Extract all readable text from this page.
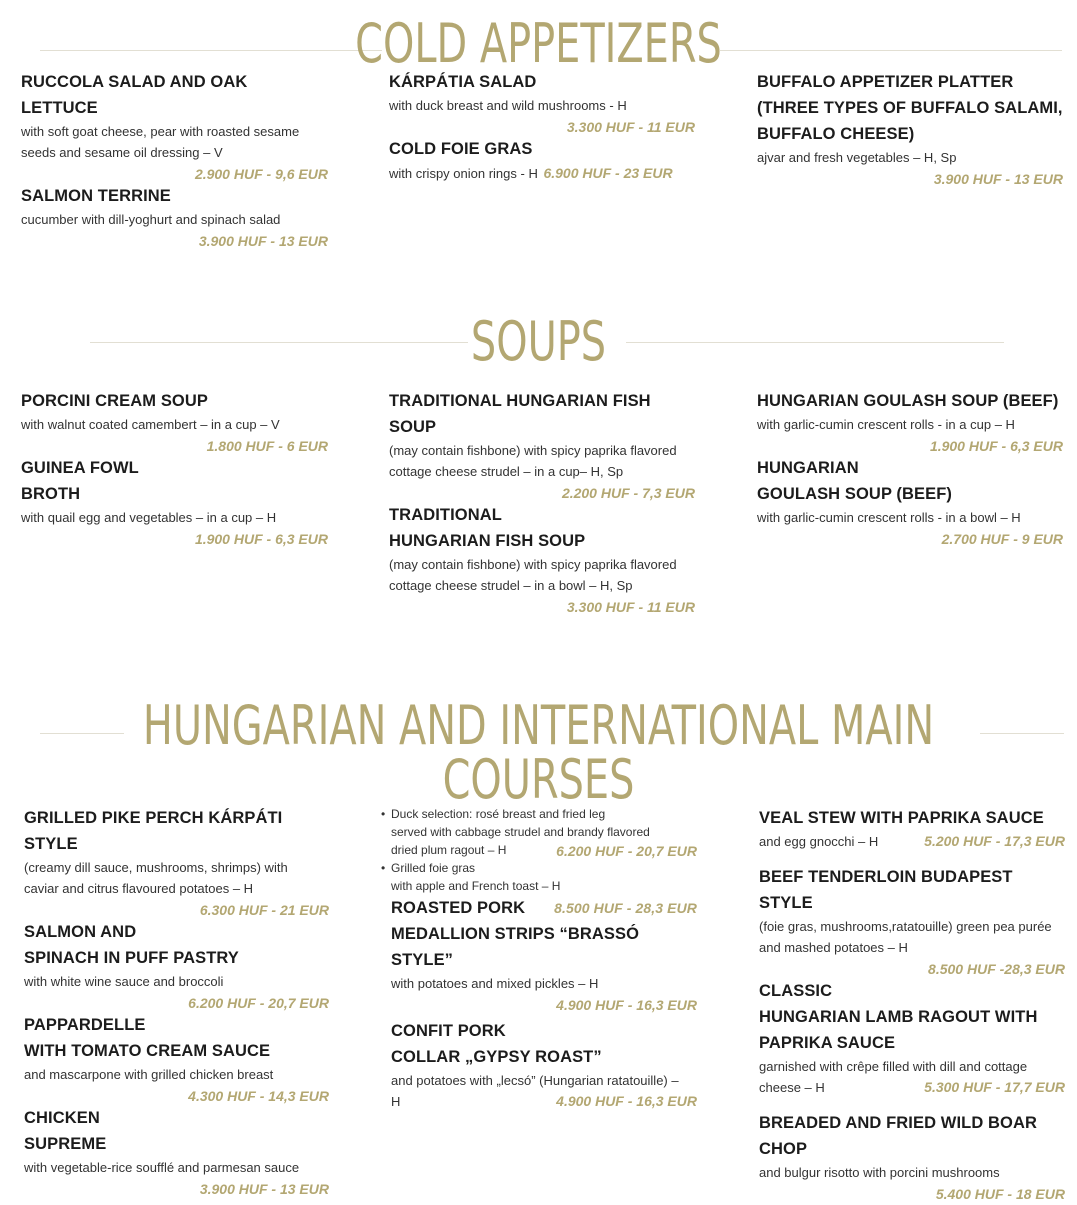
COLD APPETIZERS
RUCCOLA SALAD AND OAK LETTUCE
with soft goat cheese, pear with roasted sesame
seeds and sesame oil dressing – V
2.900 HUF - 9,6 EUR
SALMON TERRINE
cucumber with dill-yoghurt and spinach salad
3.900 HUF - 13 EUR
KÁRPÁTIA SALAD
with duck breast and wild mushrooms - H
3.300 HUF - 11 EUR
COLD FOIE GRAS
with crispy onion rings - H 6.900 HUF - 23 EUR
BUFFALO APPETIZER PLATTER
(THREE TYPES OF BUFFALO SALAMI,
BUFFALO CHEESE)
ajvar and fresh vegetables – H, Sp
3.900 HUF - 13 EUR
SOUPS
PORCINI CREAM SOUP
with walnut coated camembert – in a cup – V
1.800 HUF - 6 EUR
GUINEA FOWL
BROTH
with quail egg and vegetables – in a cup – H
1.900 HUF - 6,3 EUR
TRADITIONAL HUNGARIAN FISH
SOUP
(may contain fishbone) with spicy paprika flavored
cottage cheese strudel – in a cup– H, Sp
2.200 HUF - 7,3 EUR
TRADITIONAL
HUNGARIAN FISH SOUP
(may contain fishbone) with spicy paprika flavored
cottage cheese strudel – in a bowl – H, Sp
3.300 HUF - 11 EUR
HUNGARIAN GOULASH SOUP (BEEF)
with garlic-cumin crescent rolls - in a cup – H
1.900 HUF - 6,3 EUR
HUNGARIAN
GOULASH SOUP (BEEF)
with garlic-cumin crescent rolls - in a bowl – H
2.700 HUF - 9 EUR
HUNGARIAN AND INTERNATIONAL MAIN COURSES
GRILLED PIKE PERCH KÁRPÁTI STYLE
(creamy dill sauce, mushrooms, shrimps) with
caviar and citrus flavoured potatoes – H
6.300 HUF - 21 EUR
SALMON AND
SPINACH IN PUFF PASTRY
with white wine sauce and broccoli
6.200 HUF - 20,7 EUR
PAPPARDELLE
WITH TOMATO CREAM SAUCE
and mascarpone with grilled chicken breast
4.300 HUF - 14,3 EUR
CHICKEN
SUPREME
with vegetable-rice soufflé and parmesan sauce
3.900 HUF - 13 EUR
• Duck selection: rosé breast and fried leg
served with cabbage strudel and brandy flavored
dried plum ragout – H	6.200 HUF - 20,7 EUR
• Grilled foie gras
with apple and French toast – H
ROASTED PORK 8.500 HUF - 28,3 EUR
MEDALLION STRIPS “BRASSÓ STYLE”
with potatoes and mixed pickles – H
4.900 HUF - 16,3 EUR
CONFIT PORK
COLLAR „GYPSY ROAST”
and potatoes with „lecsó” (Hungarian ratatouille) –
H	4.900 HUF - 16,3 EUR
VEAL STEW WITH PAPRIKA SAUCE
and egg gnocchi – H	5.200 HUF - 17,3 EUR
BEEF TENDERLOIN BUDAPEST STYLE
(foie gras, mushrooms,ratatouille) green pea purée
and mashed potatoes – H
8.500 HUF -28,3 EUR
CLASSIC
HUNGARIAN LAMB RAGOUT WITH
PAPRIKA SAUCE
garnished with crêpe filled with dill and cottage
cheese – H	5.300 HUF - 17,7 EUR
BREADED AND FRIED WILD BOAR
CHOP
and bulgur risotto with porcini mushrooms
5.400 HUF - 18 EUR
